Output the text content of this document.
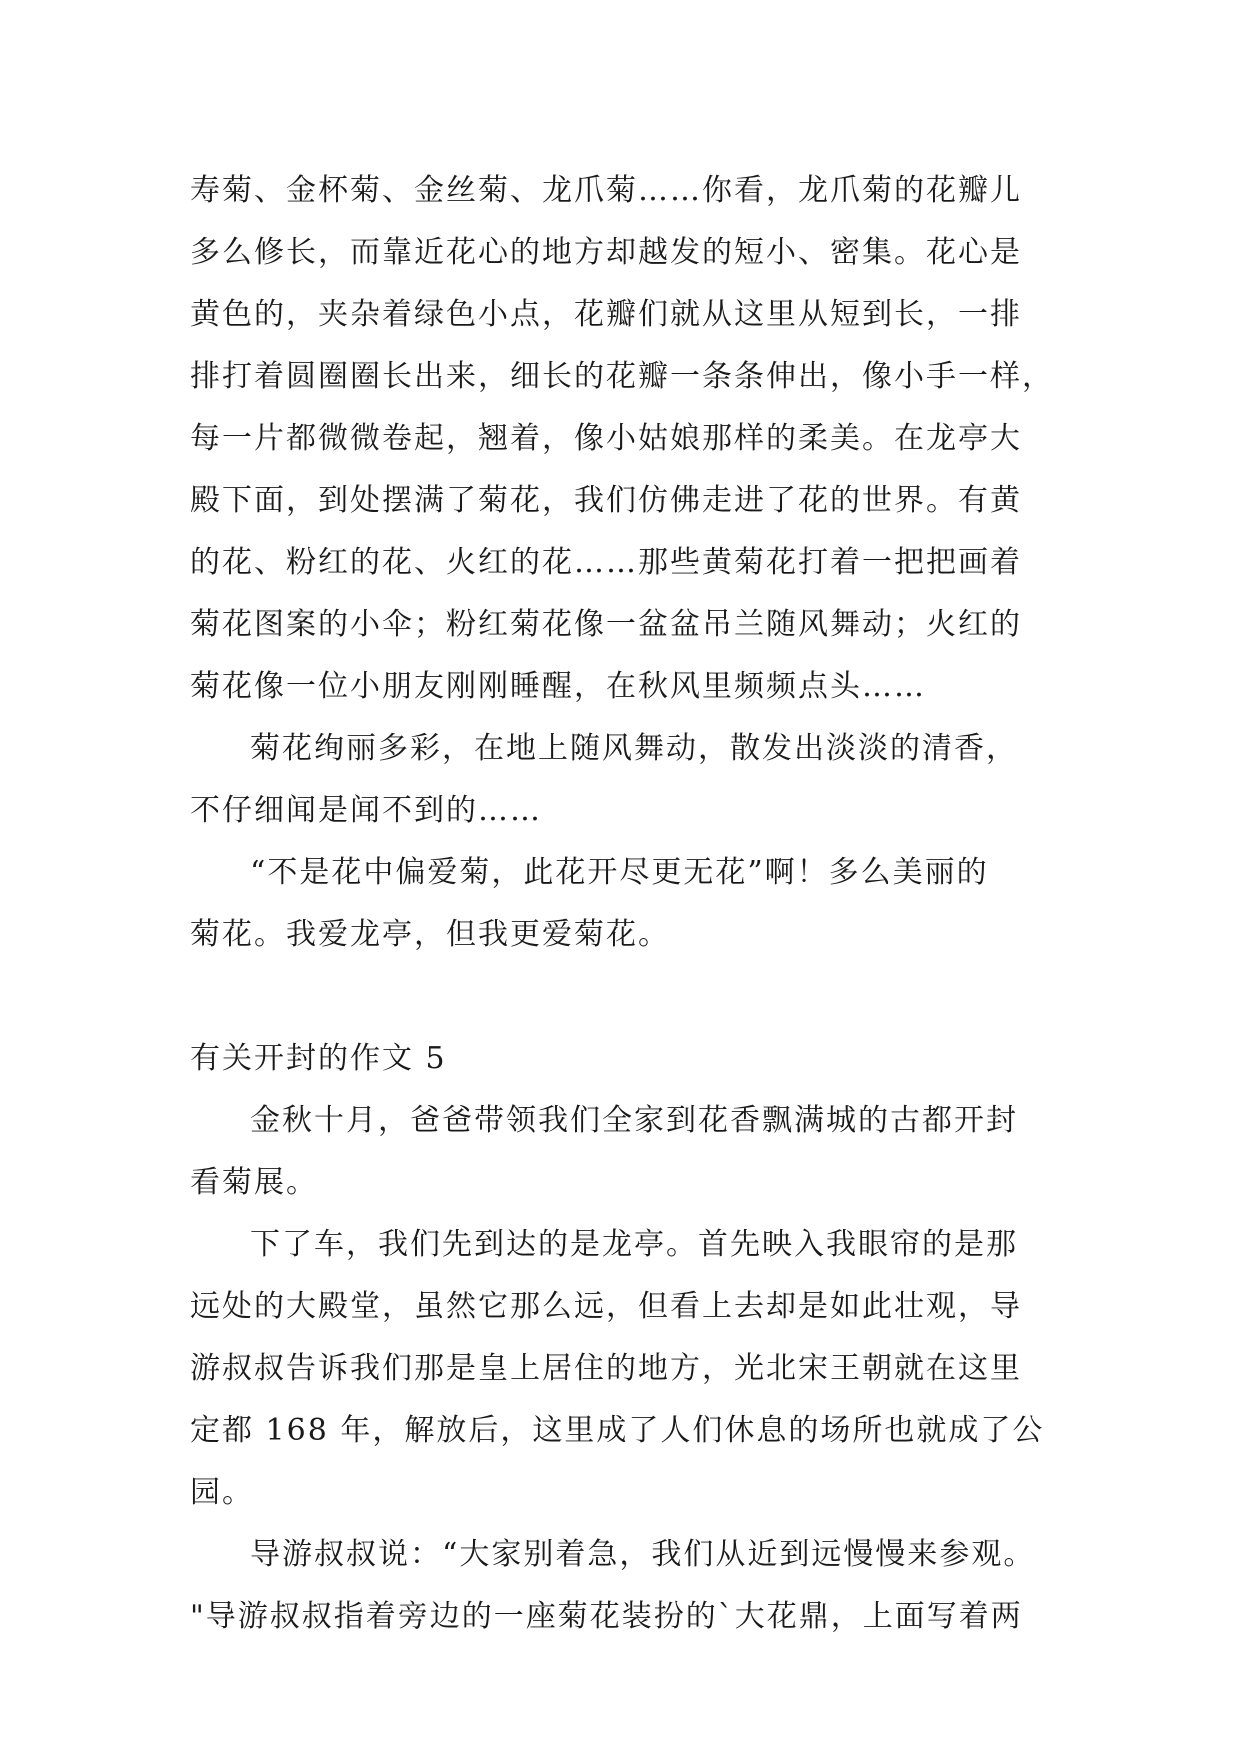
寿菊、金杯菊、金丝菊、龙爪菊……你看，龙爪菊的花瓣儿

多么修长，而靠近花心的地方却越发的短小、密集。花心是

黄色的，夹杂着绿色小点，花瓣们就从这里从短到长，一排

排打着圆圈圈长出来，细长的花瓣一条条伸出，像小手一样，

每一片都微微卷起，翘着，像小姑娘那样的柔美。在龙亭大

殿下面，到处摆满了菊花，我们仿佛走进了花的世界。有黄

的花、粉红的花、火红的花……那些黄菊花打着一把把画着

菊花图案的小伞；粉红菊花像一盆盆吊兰随风舞动；火红的

菊花像一位小朋友刚刚睡醒，在秋风里频频点头……

菊花绚丽多彩，在地上随风舞动，散发出淡淡的清香，

不仔细闻是闻不到的……

“不是花中偏爱菊，此花开尽更无花”啊！多么美丽的

菊花。我爱龙亭，但我更爱菊花。

有关开封的作文 5

金秋十月，爸爸带领我们全家到花香飘满城的古都开封

看菊展。

下了车，我们先到达的是龙亭。首先映入我眼帘的是那

远处的大殿堂，虽然它那么远，但看上去却是如此壮观，导

游叔叔告诉我们那是皇上居住的地方，光北宋王朝就在这里

定都 168 年，解放后，这里成了人们休息的场所也就成了公

园。

导游叔叔说：“大家别着急，我们从近到远慢慢来参观。

"导游叔叔指着旁边的一座菊花装扮的`大花鼎，上面写着两
